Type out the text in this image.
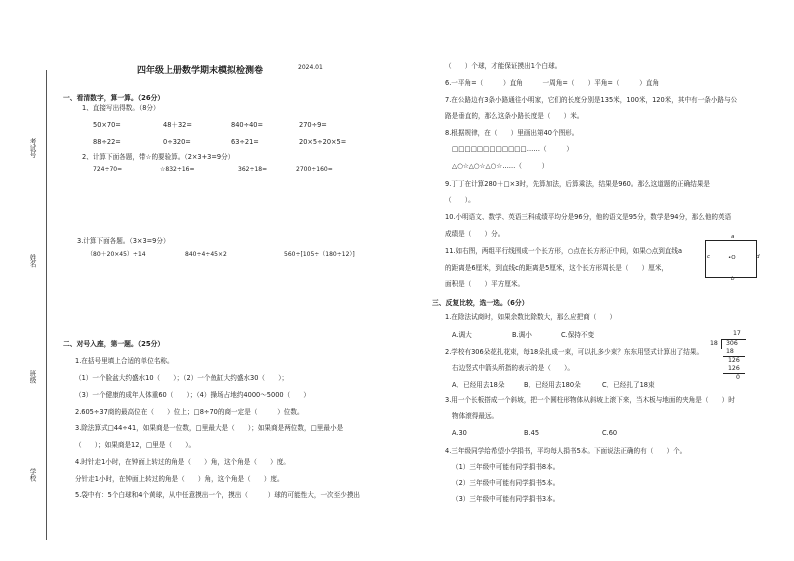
考试号
姓名
班级
学校
四年级上册数学期末模拟检测卷	2024.01
一、看清数字，算一算。（26分）
1、直接写出得数。（8分）
50×70=	48＋32=	840÷40=	270÷9=
88÷22=	0÷320=	63÷21=	20×5÷20×5=
2、计算下面各题，带☆的要验算。（2×3+3=9分）
724÷70=	☆832÷16=	362÷18=	2700÷160=
3.计算下面各题。（3×3=9分）
（80＋20×45）÷14	840÷4÷45×2	560÷[105÷（180÷12）]
二、对号入座，第一题。（25分）
1.在括号里填上合适的单位名称。
（1）一个脸盆大约盛水10（　　）；（2）一个鱼缸大约盛水30（　　）；
（3）一个健康的成年人体重60（　　）；（4）操场占地约4000～5000（　　）
2.605÷37商的最高位在（　　）位上；□8÷70的商一定是（　　　）位数。
3.除法算式□44÷41，如果商是一位数，□里最大是（　　）；如果商是两位数，□里最小是
（　　）；如果商是12，□里是（　　）。
4.时针走1小时，在钟面上转过的角是（　　）角，这个角是（　　）度。
分针走1小时，在钟面上转过的角是（　　）角，这个角是（　　）度。
5.袋中有：5个白球和4个黄球，从中任意摸出一个，摸出（　　　）球的可能性大，一次至少摸出
（　　）个球，才能保证摸出1个白球。
6.一平角=（　　　）直角　　　一周角=（　　）平角=（　　　）直角
7.在公路边有3条小路通往小明家，它们的长度分别是135米，100米，120米，其中有一条小路与公
路是垂直的，那么这条小路长度是（　　）米。
8.根据规律，在（　　）里画出第40个图形。
□□□□□□□□□□□□……（　　　）
△○☆△○☆△○☆……（　　　）
9.丁丁在计算280＋□×3时，先算加法，后算乘法，结果是960。那么这道题的正确结果是
（　　）。
10.小明语文、数学、英语三科成绩平均分是96分，他的语文是95分，数学是94分，那么他的英语
成绩是（　　）分。
11.如右图，两组平行线围成一个长方形，○点在长方形正中间，如果○点到直线a
的距离是6厘米，到直线c的距离是5厘米，这个长方形周长是（　　）厘米，
面积是（　　）平方厘米。
a
b
c	d
•O
三、反复比较，选一选。（6分）
1.在除法试商时，如果余数比除数大，那么应把商（　　）
A.调大	B.调小	C.保持不变
2.学校有306朵花扎花束，每18朵扎成一束，可以扎多少束？东东用竖式计算出了结果。
右边竖式中箭头所指的表示的是（　　）。
A．已经用去18朵	B．已经用去180朵	C．已经扎了18束
17
18 306
18
126
126
0
3.用一个长板搭成一个斜坡，把一个圆柱形物体从斜坡上滚下来，当木板与地面的夹角是（　　）时
物体滚得最远。
A.30	B.45	C.60
4.三年级同学给希望小学捐书，平均每人捐书5本。下面说法正确的有（　　）个。
（1）三年级中可能有同学捐书8本。
（2）三年级中可能有同学捐书5本。
（3）三年级中可能有同学捐书3本。
